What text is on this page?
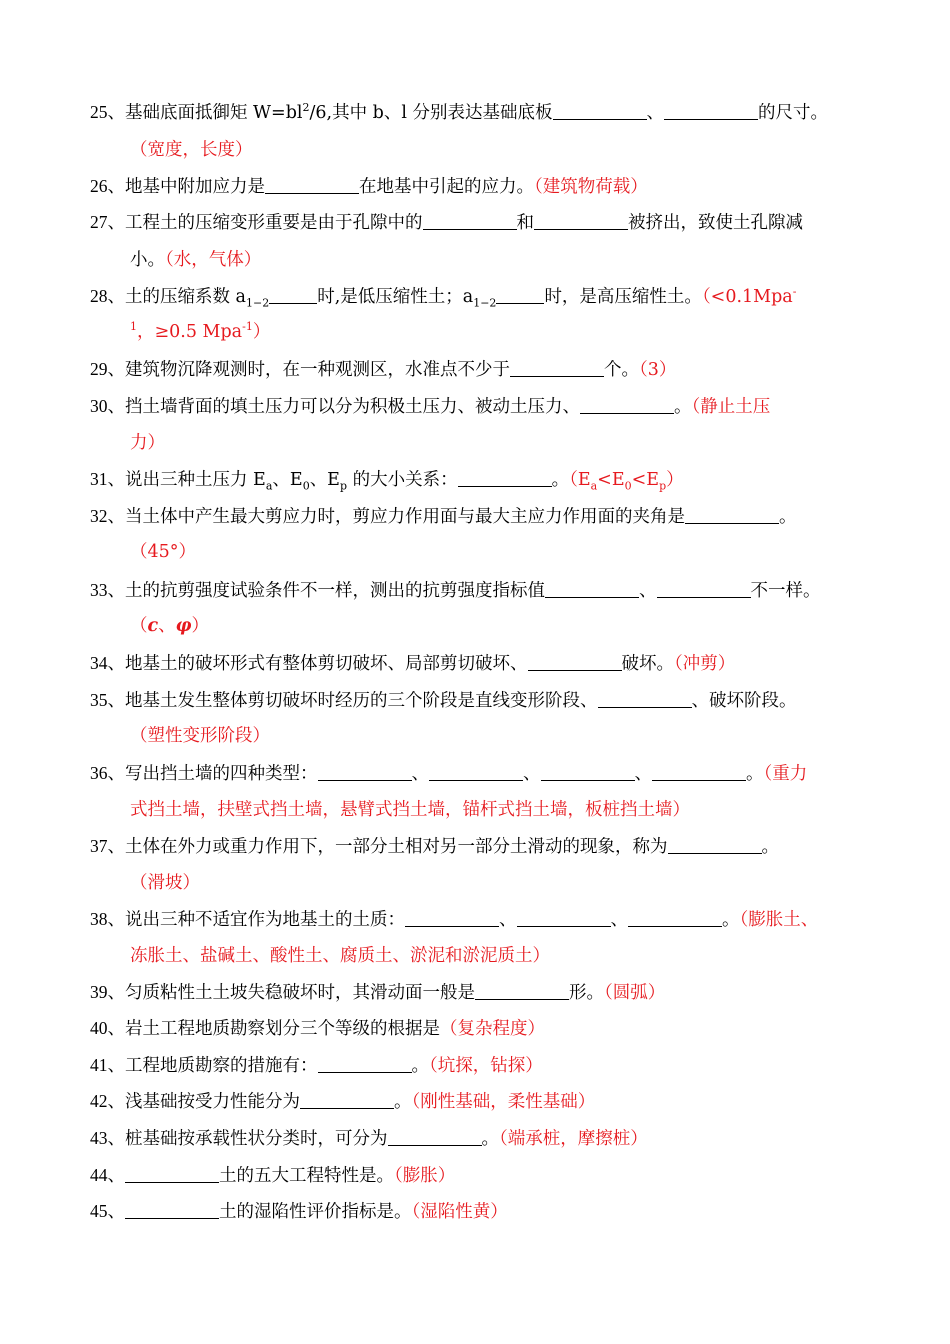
25、基础底面抵御矩 $W=bl^2/6$,其中 b、l 分别表达基础底板	、	的尺寸。
（宽度，长度）
26、地基中附加应力是	在地基中引起的应力。（建筑物荷载）
27、工程土的压缩变形重要是由于孔隙中的	和	被挤出，致使土孔隙减
小。（水，气体）
28、土的压缩系数 $a_{1-2}$	时,是低压缩性土；$a_{1-2}$	时，是高压缩性土。（<0.1Mpa-
$^1$，≥0.5 Mpa$^{-1}$）
29、建筑物沉降观测时，在一种观测区，水准点不少于	个。（3）
30、挡土墙背面的填土压力可以分为积极土压力、被动土压力、	。（静止土压
力）
31、说出三种土压力 $E_a$、$E_0$、$E_p$ 的大小关系：	。$(E_a<E_0<E_p)$
32、当土体中产生最大剪应力时，剪应力作用面与最大主应力作用面的夹角是	。
（45°）
33、土的抗剪强度试验条件不一样，测出的抗剪强度指标值	、	不一样。
（c、φ）
34、地基土的破坏形式有整体剪切破坏、局部剪切破坏、	破坏。（冲剪）
35、地基土发生整体剪切破坏时经历的三个阶段是直线变形阶段、	、破坏阶段。
（塑性变形阶段）
36、写出挡土墙的四种类型：	、	、	、	。（重力
式挡土墙，扶壁式挡土墙，悬臂式挡土墙，锚杆式挡土墙，板桩挡土墙）
37、土体在外力或重力作用下，一部分土相对另一部分土滑动的现象，称为	。
（滑坡）
38、说出三种不适宜作为地基土的土质：	、	、	。（膨胀土、
冻胀土、盐碱土、酸性土、腐质土、淤泥和淤泥质土）
39、匀质粘性土土坡失稳破坏时，其滑动面一般是	形。（圆弧）
40、岩土工程地质勘察划分三个等级的根据是（复杂程度）
41、工程地质勘察的措施有：	。（坑探，钻探）
42、浅基础按受力性能分为	。（刚性基础，柔性基础）
43、桩基础按承载性状分类时，可分为	。（端承桩，摩擦桩）
44、	土的五大工程特性是。（膨胀）
45、	土的湿陷性评价指标是。（湿陷性黄）
